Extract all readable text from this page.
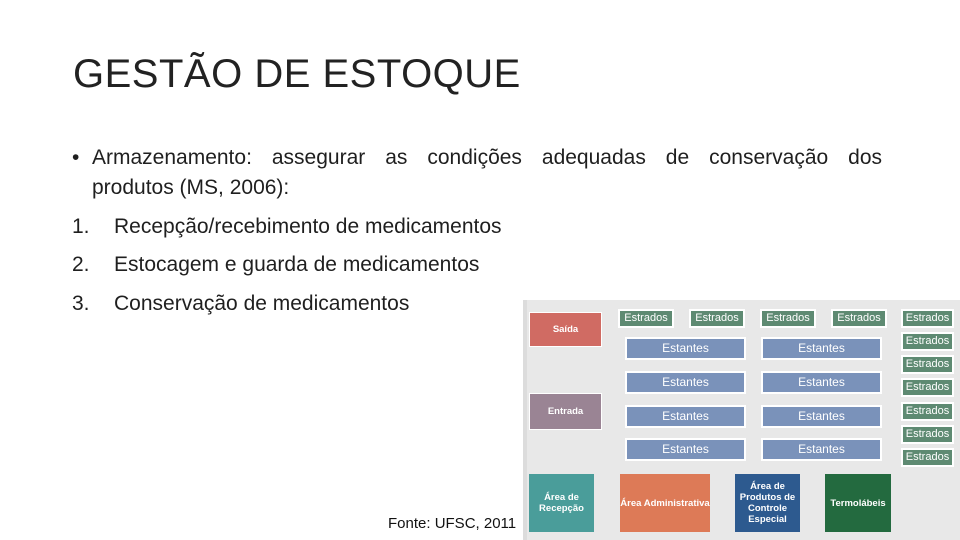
GESTÃO DE ESTOQUE
• Armazenamento: assegurar as condições adequadas de conservação dos
produtos (MS, 2006):
1. Recepção/recebimento de medicamentos
2. Estocagem e guarda de medicamentos
3. Conservação de medicamentos
Estrados	Estrados	Estrados	Estrados	Estrados
Estrados
Estrados
Estrados
Estrados
Estrados
Estrados
Estantes
Estantes
Estantes
Estantes
Estantes
Estantes
Estantes
Estantes
Saída
Entrada
Área de Recepção	Área Administrativa
Área de Produtos de Controle Especial
Termolábeis
Fonte: UFSC, 2011
